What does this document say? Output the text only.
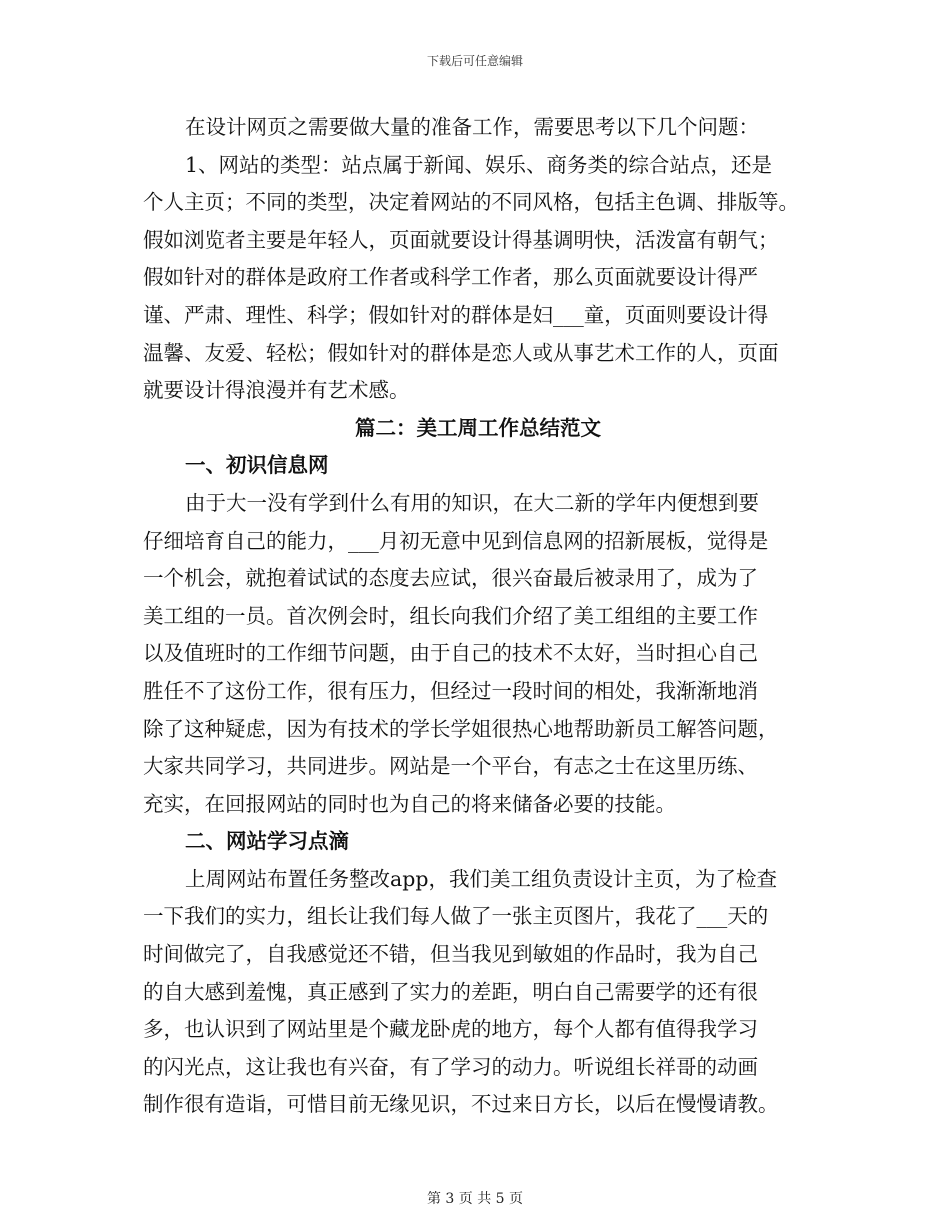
下载后可任意编辑
在设计网页之需要做大量的准备工作，需要思考以下几个问题：
1、网站的类型：站点属于新闻、娱乐、商务类的综合站点，还是
个人主页；不同的类型，决定着网站的不同风格，包括主色调、排版等。
假如浏览者主要是年轻人，页面就要设计得基调明快，活泼富有朝气；
假如针对的群体是政府工作者或科学工作者，那么页面就要设计得严
谨、严肃、理性、科学；假如针对的群体是妇___童，页面则要设计得
温馨、友爱、轻松；假如针对的群体是恋人或从事艺术工作的人，页面
就要设计得浪漫并有艺术感。
篇二：美工周工作总结范文
一、初识信息网
由于大一没有学到什么有用的知识，在大二新的学年内便想到要
仔细培育自己的能力，___月初无意中见到信息网的招新展板，觉得是
一个机会，就抱着试试的态度去应试，很兴奋最后被录用了，成为了
美工组的一员。首次例会时，组长向我们介绍了美工组组的主要工作
以及值班时的工作细节问题，由于自己的技术不太好，当时担心自己
胜任不了这份工作，很有压力，但经过一段时间的相处，我渐渐地消
除了这种疑虑，因为有技术的学长学姐很热心地帮助新员工解答问题，
大家共同学习，共同进步。网站是一个平台，有志之士在这里历练、
充实，在回报网站的同时也为自己的将来储备必要的技能。
二、网站学习点滴
上周网站布置任务整改app，我们美工组负责设计主页，为了检查
一下我们的实力，组长让我们每人做了一张主页图片，我花了___天的
时间做完了，自我感觉还不错，但当我见到敏姐的作品时，我为自己
的自大感到羞愧，真正感到了实力的差距，明白自己需要学的还有很
多，也认识到了网站里是个藏龙卧虎的地方，每个人都有值得我学习
的闪光点，这让我也有兴奋，有了学习的动力。听说组长祥哥的动画
制作很有造诣，可惜目前无缘见识，不过来日方长，以后在慢慢请教。
第 3 页 共 5 页
